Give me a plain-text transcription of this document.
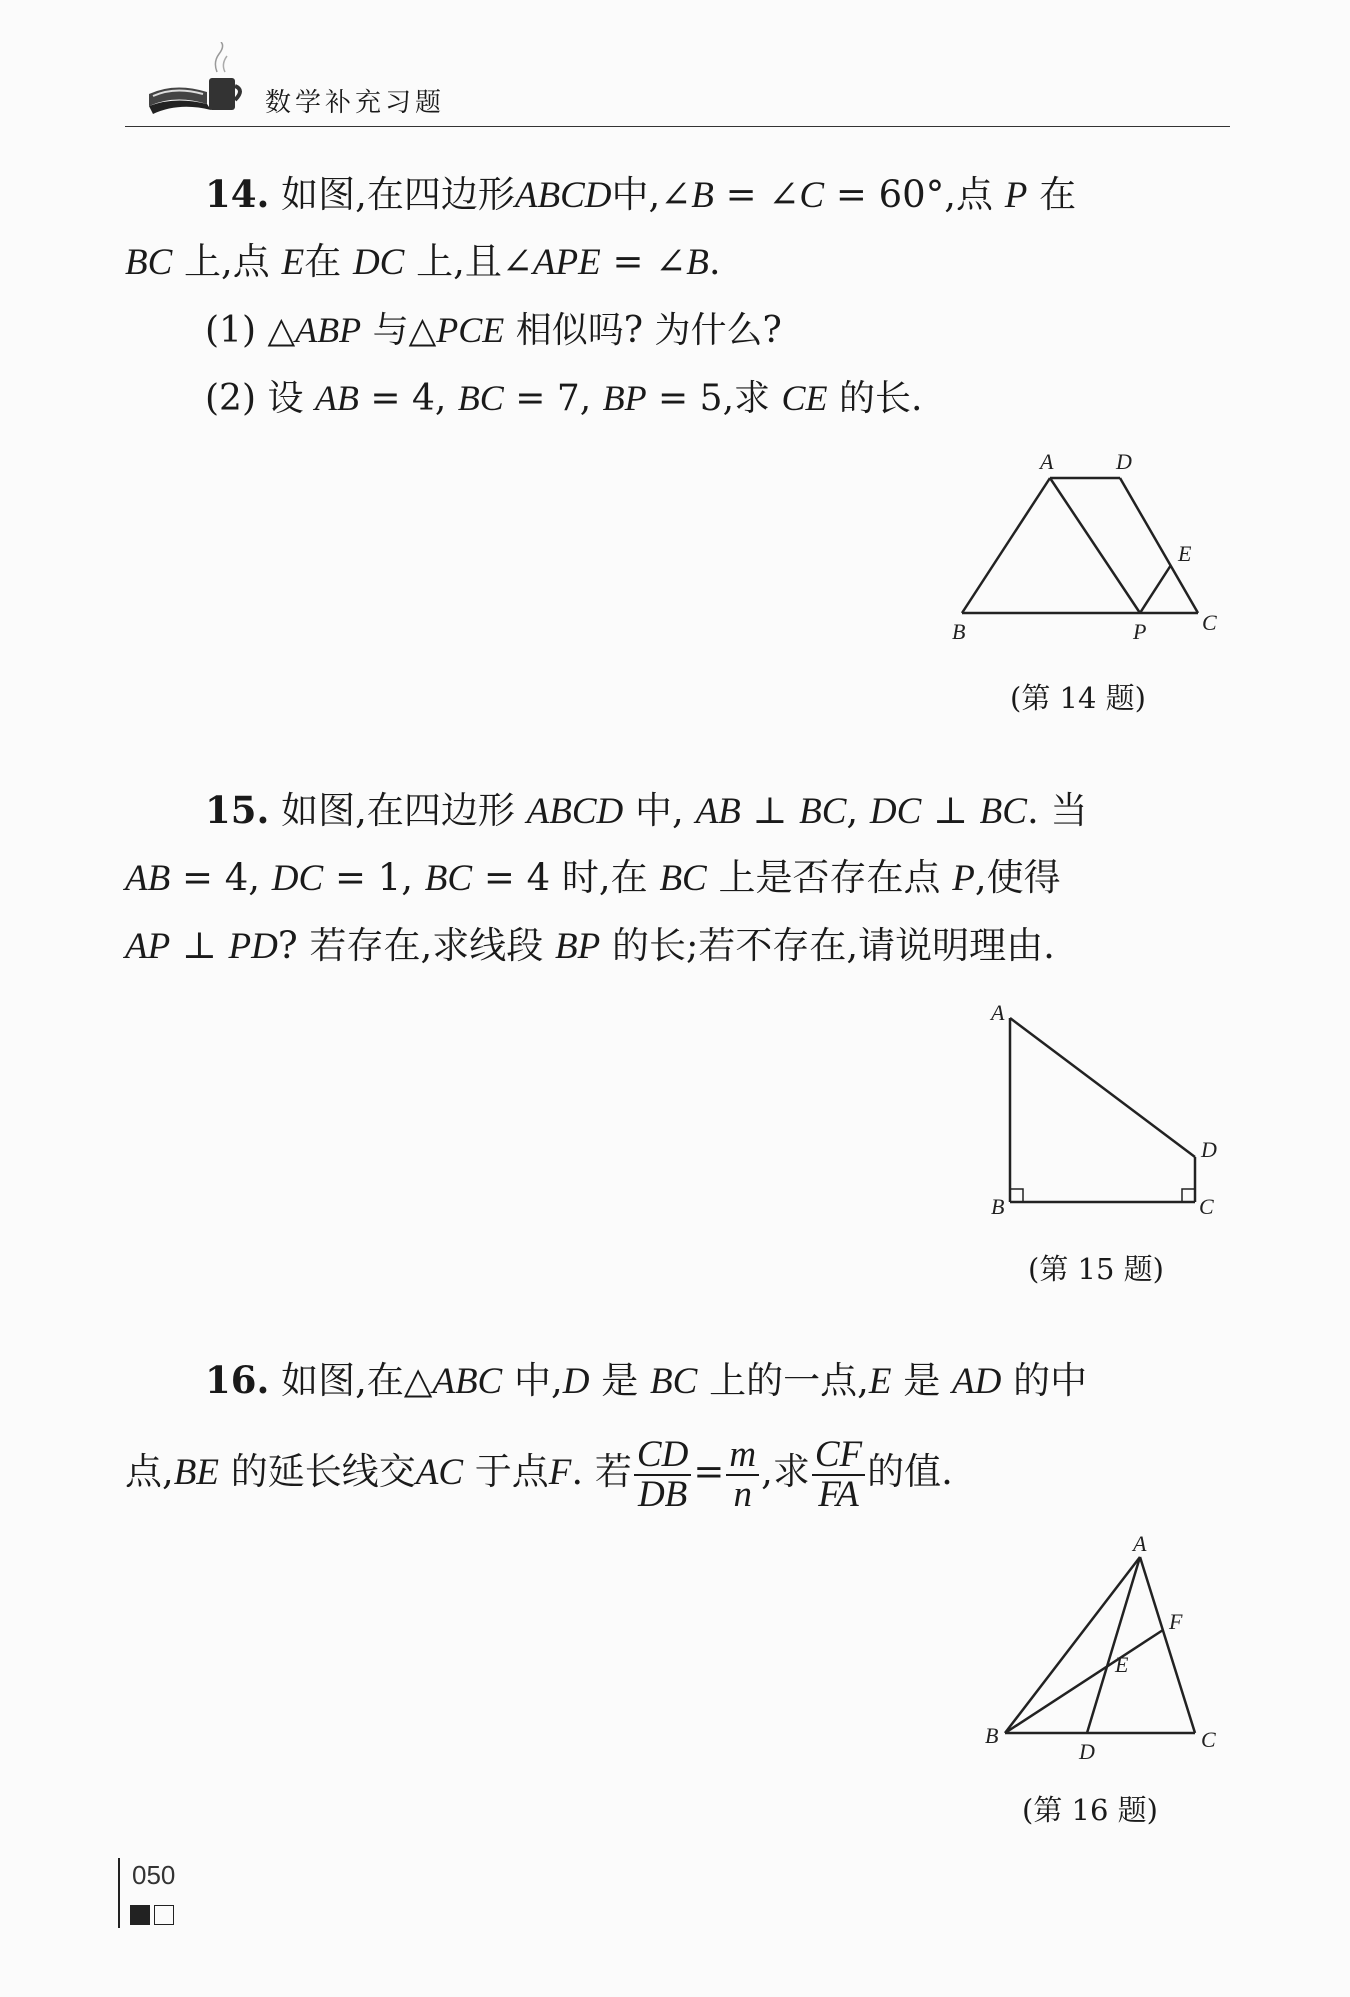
数学补充习题
14. 如图,在四边形ABCD中,∠B = ∠C = 60°,点 P 在
BC 上,点 E在 DC 上,且∠APE = ∠B.
(1) △ABP 与△PCE 相似吗? 为什么?
(2) 设 AB = 4, BC = 7, BP = 5,求 CE 的长.
A	D
E
B	P	C
(第 14 题)
15. 如图,在四边形 ABCD 中, AB ⊥ BC, DC ⊥ BC. 当
AB = 4, DC = 1, BC = 4 时,在 BC 上是否存在点 P,使得
AP ⊥ PD? 若存在,求线段 BP 的长;若不存在,请说明理由.
A
D
B	C
(第 15 题)
16. 如图,在△ABC 中,D 是 BC 上的一点,E 是 AD 的中
点,BE 的延长线交AC 于点F. 若 $\frac{CD}{DB} = \frac{m}{n}$ ,求 $\frac{CF}{FA}$ 的值.
A
F
E
B
D	C
(第 16 题)
050
